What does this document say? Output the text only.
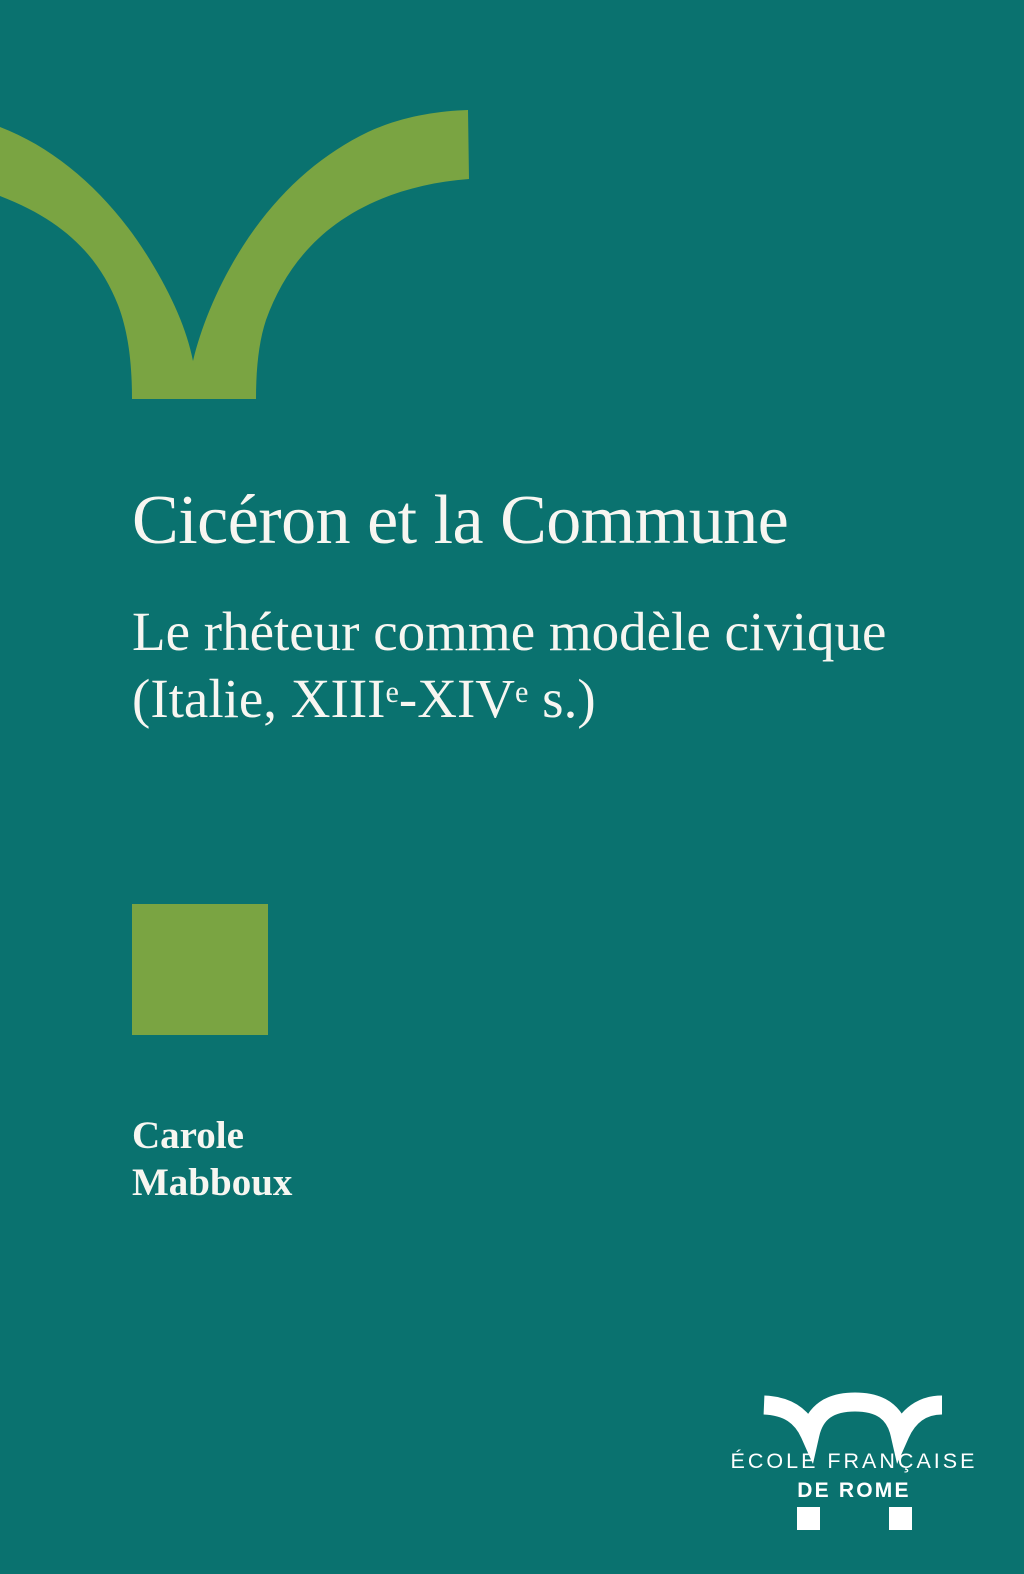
Cicéron et la Commune
Le rhéteur comme modèle civique
(Italie, XIIIe-XIVe s.)
Carole
Mabboux
ÉCOLE FRANÇAISE
DE ROME
